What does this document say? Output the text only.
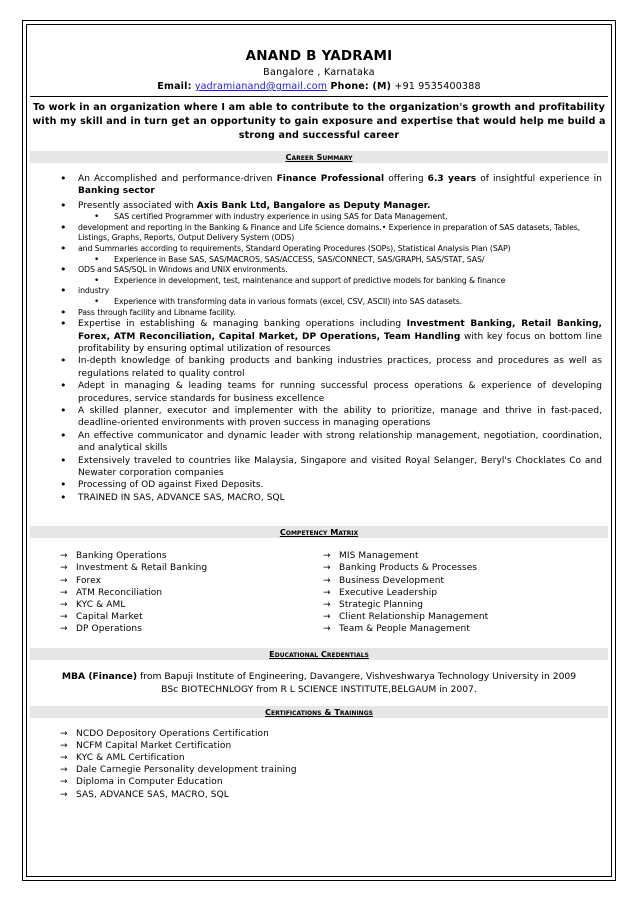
ANAND B YADRAMI
Bangalore , Karnataka
Email: yadramianand@gmail.com Phone: (M) +91 9535400388
To work in an organization where I am able to contribute to the organization's growth and profitability with my skill and in turn get an opportunity to gain exposure and expertise that would help me build a strong and successful career
Career Summary
• An Accomplished and performance-driven Finance Professional offering 6.3 years of insightful experience in Banking sector
• Presently associated with Axis Bank Ltd, Bangalore as Deputy Manager.
• SAS certified Programmer with industry experience in using SAS for Data Management,
• development and reporting in the Banking & Finance and Life Science domains.• Experience in preparation of SAS datasets, Tables, Listings, Graphs, Reports, Output Delivery System (ODS)
• and Summaries according to requirements, Standard Operating Procedures (SOPs), Statistical Analysis Plan (SAP)
• Experience in Base SAS, SAS/MACROS, SAS/ACCESS, SAS/CONNECT, SAS/GRAPH, SAS/STAT, SAS/
• ODS and SAS/SQL in Windows and UNIX environments.
• Experience in development, test, maintenance and support of predictive models for banking & finance
• industry
• Experience with transforming data in various formats (excel, CSV, ASCII) into SAS datasets.
• Pass through facility and Libname facility.
• Expertise in establishing & managing banking operations including Investment Banking, Retail Banking, Forex, ATM Reconciliation, Capital Market, DP Operations, Team Handling with key focus on bottom line profitability by ensuring optimal utilization of resources
• In-depth knowledge of banking products and banking industries practices, process and procedures as well as regulations related to quality control
• Adept in managing & leading teams for running successful process operations & experience of developing procedures, service standards for business excellence
• A skilled planner, executor and implementer with the ability to prioritize, manage and thrive in fast-paced, deadline-oriented environments with proven success in managing operations
• An effective communicator and dynamic leader with strong relationship management, negotiation, coordination, and analytical skills
• Extensively traveled to countries like Malaysia, Singapore and visited Royal Selanger, Beryl's Chocklates Co and Newater corporation companies
• Processing of OD against Fixed Deposits.
• TRAINED IN SAS, ADVANCE SAS, MACRO, SQL
Competency Matrix
→ Banking Operations
→ Investment & Retail Banking
→ Forex
→ ATM Reconciliation
→ KYC & AML
→ Capital Market
→ DP Operations
→ MIS Management
→ Banking Products & Processes
→ Business Development
→ Executive Leadership
→ Strategic Planning
→ Client Relationship Management
→ Team & People Management
Educational Credentials
MBA (Finance) from Bapuji Institute of Engineering, Davangere, Vishveshwarya Technology University in 2009
BSc BIOTECHNLOGY from R L SCIENCE INSTITUTE,BELGAUM in 2007.
Certifications & Trainings
→ NCDO Depository Operations Certification
→ NCFM Capital Market Certification
→ KYC & AML Certification
→ Dale Carnegie Personality development training
→ Diploma in Computer Education
→ SAS, ADVANCE SAS, MACRO, SQL
